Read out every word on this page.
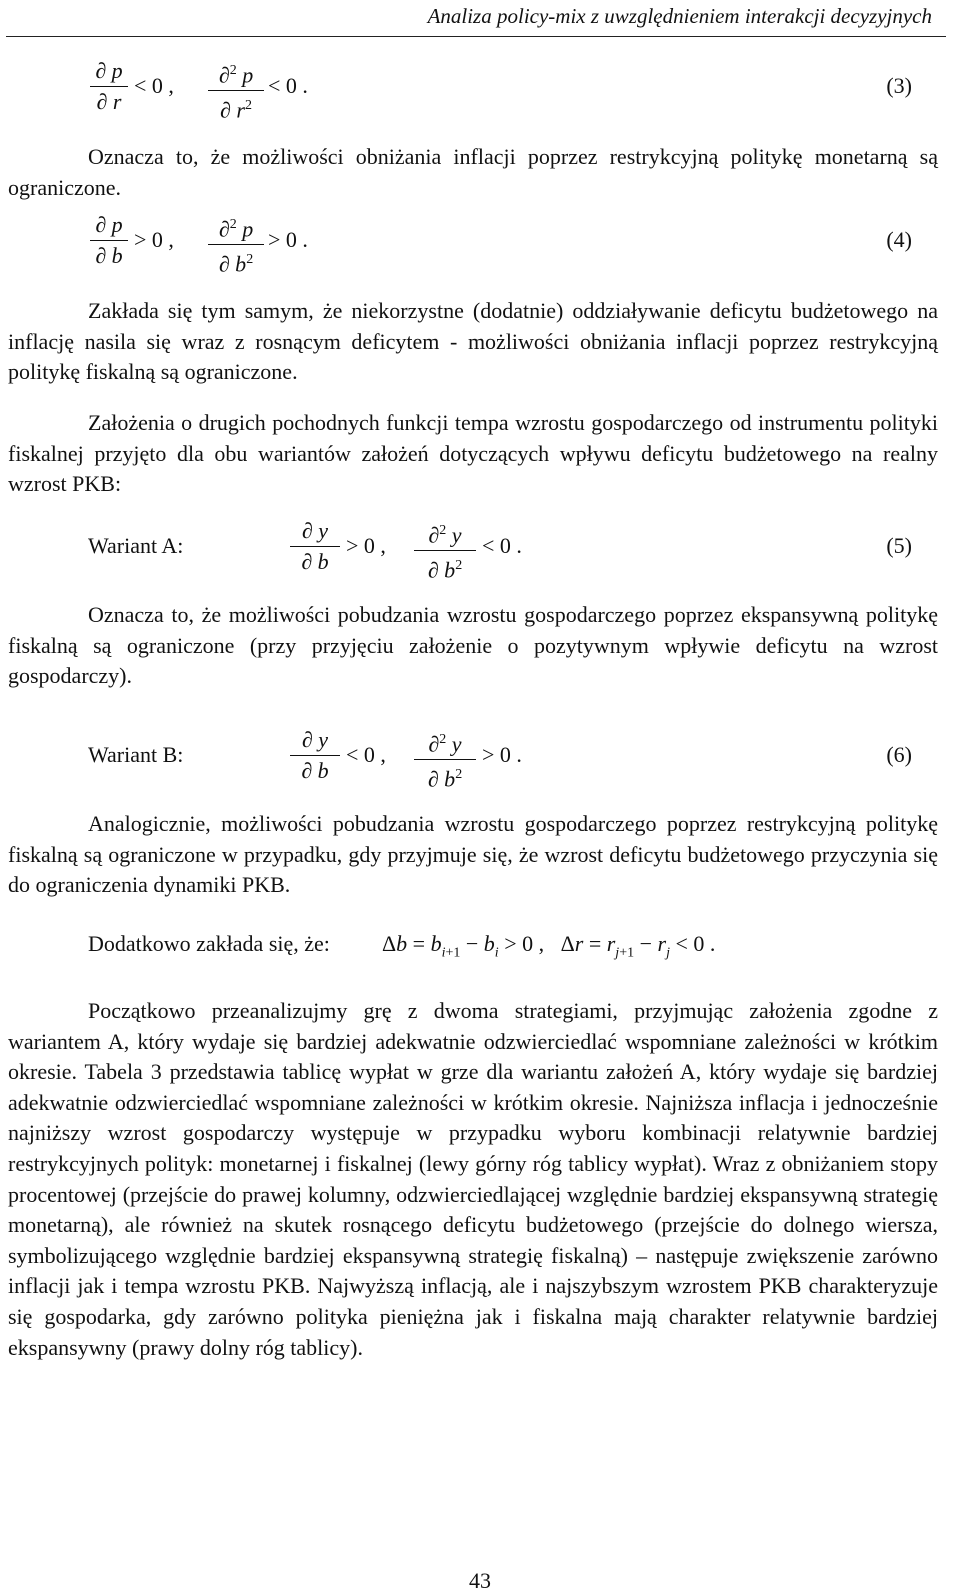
Analiza policy-mix z uwzględnieniem interakcji decyzyjnych
∂ p
∂ r
< 0 ,	∂$^2$ p
∂ $r^2$
< 0 .	(3)

Oznacza to, że możliwości obniżania inflacji poprzez restrykcyjną politykę monetarną są ograniczone.

∂ p
∂ b
> 0 ,	∂$^2$ p
∂ $b^2$
> 0 .	(4)

Zakłada się tym samym, że niekorzystne (dodatnie) oddziaływanie deficytu budżetowego na inflację nasila się wraz z rosnącym deficytem - możliwości obniżania inflacji poprzez restrykcyjną politykę fiskalną są ograniczone.

Założenia o drugich pochodnych funkcji tempa wzrostu gospodarczego od instrumentu polityki fiskalnej przyjęto dla obu wariantów założeń dotyczących wpływu deficytu budżetowego na realny wzrost PKB:

Wariant A:
∂ y
∂ b
> 0 ,	∂$^2$ y
∂ $b^2$
< 0 .	(5)

Oznacza to, że możliwości pobudzania wzrostu gospodarczego poprzez ekspansywną politykę fiskalną są ograniczone (przy przyjęciu założenie o pozytywnym wpływie deficytu na wzrost gospodarczy).

Wariant B:
∂ y
∂ b
< 0 ,	∂$^2$ y
∂ $b^2$
> 0 .	(6)

Analogicznie, możliwości pobudzania wzrostu gospodarczego poprzez restrykcyjną politykę fiskalną są ograniczone w przypadku, gdy przyjmuje się, że wzrost deficytu budżetowego przyczynia się do ograniczenia dynamiki PKB.

Dodatkowo zakłada się, że: $\Delta b = b_{i+1} - b_i > 0$ ,   $\Delta r = r_{j+1} - r_j < 0$ .

Początkowo przeanalizujmy grę z dwoma strategiami, przyjmując założenia zgodne z wariantem A, który wydaje się bardziej adekwatnie odzwierciedlać wspomniane zależności w krótkim okresie. Tabela 3 przedstawia tablicę wypłat w grze dla wariantu założeń A, który wydaje się bardziej adekwatnie odzwierciedlać wspomniane zależności w krótkim okresie. Najniższa inflacja i jednocześnie najniższy wzrost gospodarczy występuje w przypadku wyboru kombinacji relatywnie bardziej restrykcyjnych polityk: monetarnej i fiskalnej (lewy górny róg tablicy wypłat). Wraz z obniżaniem stopy procentowej (przejście do prawej kolumny, odzwierciedlającej względnie bardziej ekspansywną strategię monetarną), ale również na skutek rosnącego deficytu budżetowego (przejście do dolnego wiersza, symbolizującego względnie bardziej ekspansywną strategię fiskalną) – następuje zwiększenie zarówno inflacji jak i tempa wzrostu PKB. Najwyższą inflacją, ale i najszybszym wzrostem PKB charakteryzuje się gospodarka, gdy zarówno polityka pieniężna jak i fiskalna mają charakter relatywnie bardziej ekspansywny (prawy dolny róg tablicy).

43
